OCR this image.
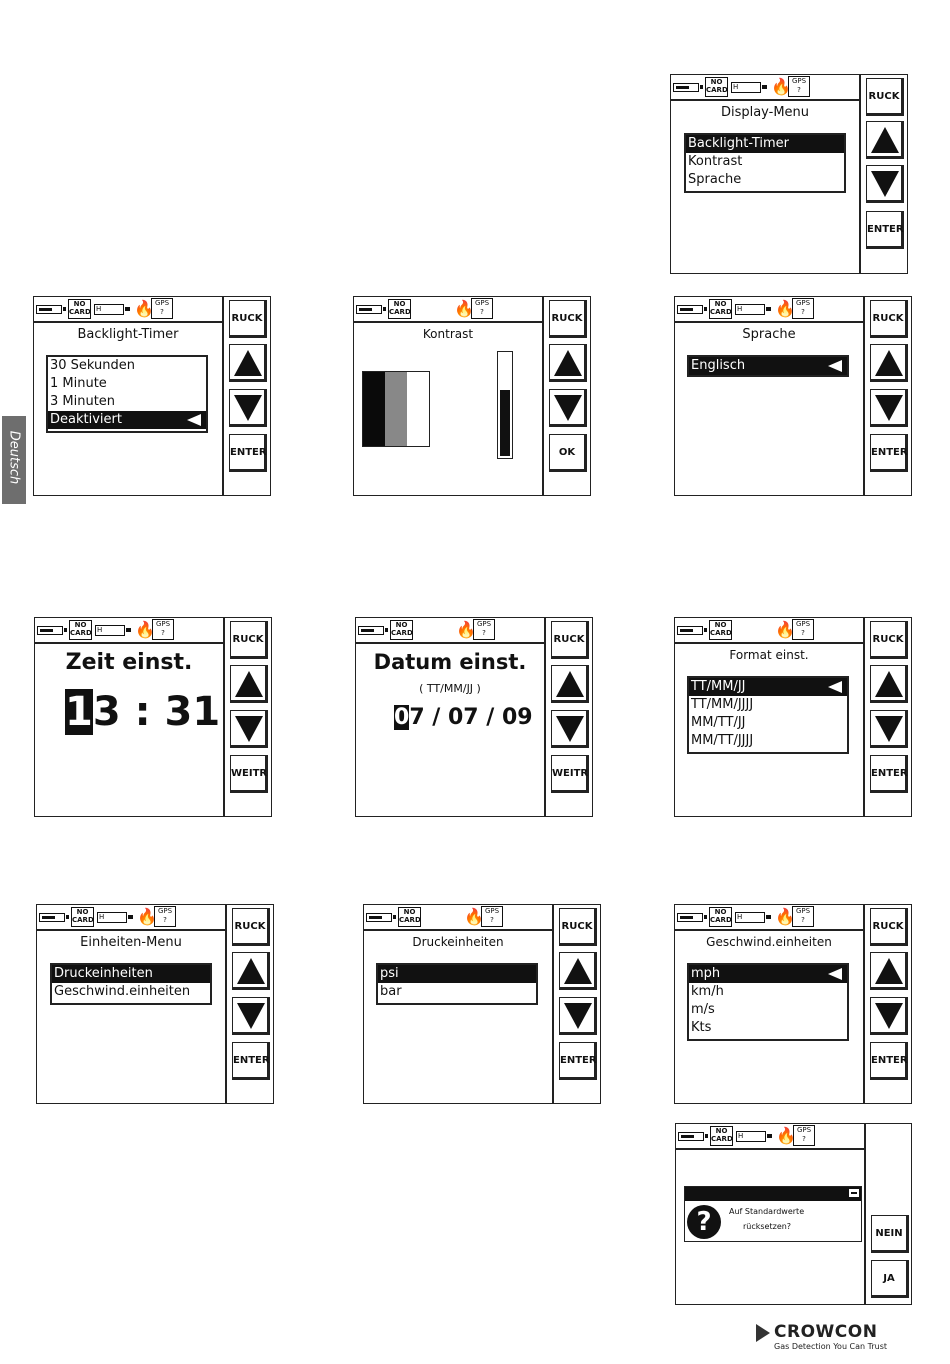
Deutsch
NO
CARD H	🔥 GPS
?
Display-Menu
Backlight-Timer
Kontrast
Sprache
RUCK
ENTER
NO
CARD H	🔥 GPS
?
Backlight-Timer
30 Sekunden
1 Minute
3 Minuten
Deaktiviert
RUCK
ENTER
NO
CARD	🔥 GPS
?
Kontrast
RUCK
OK
NO
CARD H	🔥 GPS
?
Sprache
Englisch
RUCK
ENTER
NO
CARD H	🔥 GPS
?
Zeit einst.
13 : 31
RUCK
WEITR
NO
CARD	🔥 GPS
?
Datum einst.
( TT/MM/JJ )
07 / 07 / 09
RUCK
WEITR
NO
CARD	🔥 GPS
?
Format einst.
TT/MM/JJ
TT/MM/JJJJ
MM/TT/JJ
MM/TT/JJJJ
RUCK
ENTER
NO
CARD H	🔥 GPS
?
Einheiten-Menu
Druckeinheiten
Geschwind.einheiten
RUCK
ENTER
NO
CARD	🔥 GPS
?
Druckeinheiten
psi
bar
RUCK
ENTER
NO
CARD H	🔥 GPS
?
Geschwind.einheiten
mph
km/h
m/s
Kts
RUCK
ENTER
NO
CARD H	🔥 GPS
?
?	Auf Standardwerte
rücksetzen?
NEIN
JA
CROWCON
Gas Detection You Can Trust
